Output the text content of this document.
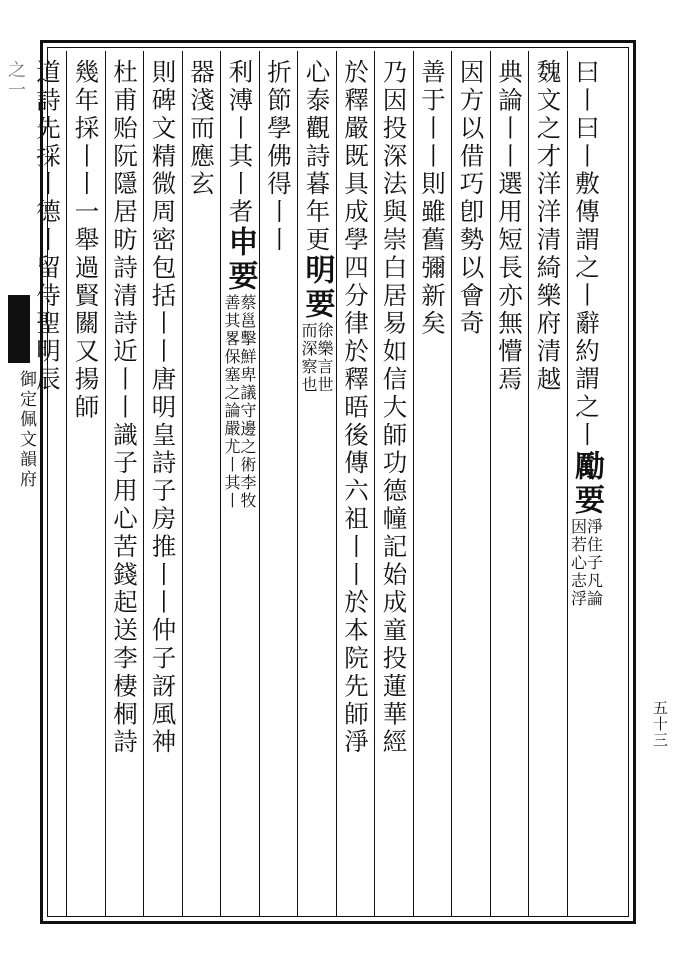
之一
御定佩文韻府
曰丨曰丨敷傳謂
之丨辭約謂之丨
勵要
淨住子凡論
因若心志浮
魏文之才洋洋清綺樂府清越
典論丨丨選用短長亦無懵焉
因方以借巧卽勢以會奇
善于丨丨則雖舊彌新矣
乃因投深法與崇白居易如信大師功德幢記始成童投蓮華經
於釋嚴既具成學四分律於釋晤後傳六祖丨丨於本院先師淨
心泰觀詩暮年更
明要
徐樂言世
而深察也
折節學佛得丨丨
利溥丨其丨者
申要
蔡邕擊鮮卑議守邊之術李牧
善其畧保塞之論嚴尤丨其丨
器淺而應玄
則碑文精微周密包括丨丨唐明皇詩子房推丨丨仲子訝風神
杜甫贻阮隱居昉詩清詩近丨丨識子用心苦錢起送李棲桐詩
幾年採丨丨一舉過賢關又揚師
道詩先採丨德丨留侍聖明辰
五十三
